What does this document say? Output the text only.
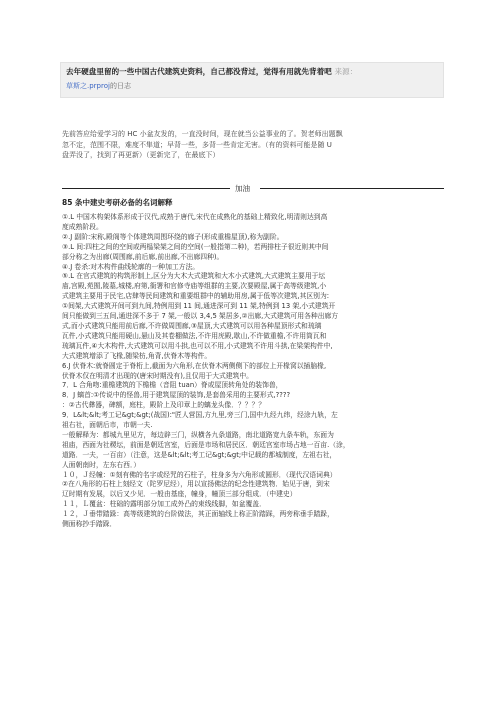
去年硬盘里留的一些中国古代建筑史资料，自己都没背过，觉得有用就先背着吧 来源：
草斯之.prproj的日志

先前答应给爱学习的 HC 小盆友发的，一直没时间，现在就当公益事业的了。贺老师出题飘

忽不定，范围不限，难度不隼道；早背一些，多背一些肯定无害。（有的资料可能是随 U

盘弄没了，找到了再更新）（更新完了，在最底下）

加油
85 条中建史考研必备的名词解释

①.L 中国木构架体系形成于汉代,成熟于唐代,宋代在成熟化的基础上精致化,明清则达到高

度成熟阶段。

②.J 副阶:宋称,殿阁等个体建筑周围环绕的廊子(形成重檐屋顶),称为副阶。

③.L 间:四柱之间的空间或两榀梁架之间的空间(一般指第二种)，若两排柱子很近则其中间

部分称之为出廊(周围廊,前后廊,前出廊,不出廊四种)。

④.J 卷杀:对木构件曲线轮廓的一种加工方法。

⑤.L 在官式建筑的构筑形制上,区分为大木大式建筑和大木小式建筑,大式建筑主要用于坛

庙,宫殿,苑囿,陵墓,城楼,府第,衙署和官修寺庙等组群的主要,次要殿屋,属于高等级建筑,小

式建筑主要用于民宅,店肆等民间建筑和重要组群中的辅助用房,属于低等次建筑,其区别为:

①间架,大式建筑开间可到九间,特例用到 11 间,通进深可到 11 架,特例到 13 架,小式建筑开

间只能做到三五间,通进深不多于 7 架,一般以 3,4,5 架居多,②出廊,大式建筑可用各种出廊方

式,而小式建筑只能用前后廊,不许做周围廊,③屋顶,大式建筑可以用各种屋顶形式和琉璃

瓦件,小式建筑只能用硬山,悬山及其卷棚做法,不许用庑殿,歇山,不许做重檐,不许用筒瓦和

琉璃瓦件,④大木构件,大式建筑可以用斗拱,也可以不用,小式建筑不许用斗拱,在梁架构件中,

大式建筑增添了飞椽,随梁枋,角背,伏脊木等构件。

6.J 伏脊木:就脊圆定于脊桁上,截面为六角形,在伏脊木两侧侧下的部位上开椽窝以插脑椽,

伏脊木仅在明清才出现的(唐宋时期没有),且仅用于大式建筑中。

7．L 合角吻:重檐建筑的下檐檐（音阻 tuan）脊或屋顶转角处的装饰兽，

8．J 螭首:①传说中的怪兽,用于建筑屋顶的装饰,是套兽采用的主要形式,????

：②古代彝器，碑额，庭柱，殿阶上及印章上的螭龙头像．？？？？

9．L&lt;&lt;考工记&gt;&gt;(战国):"匠人营国,方九里,旁三门,国中九经九纬，经涂九轨，左

祖右社，面朝后市，市朝一夫.

一般解释为：都城九里见方，每边辟三门，纵横各九条道路，南北道路宽九条车轨，东面为

祖庙，西面为社稷坛，前面是朝廷宫室，后面是市场和居民区．朝廷宫室市场占地一百亩.（涂，

道路．一夫，一百亩）（注意，这是&lt;&lt;考工记&gt;&gt;中记载的都城制度，左祖右社，

人面朝南时，左东右西．）

１０，Ｊ经幢：①刻有佛的名字或经咒的石柱子，柱身多为六角形或圆形．（现代汉语词典）

②在八角形的石柱上刻经文（陀罗尼经），用以宣扬佛法的纪念性建筑物．始见于唐，到宋

辽时期有发展，以后又少见．一般由基座，幢身，幢顶三部分组成．（中建史）

１１，Ｌ覆盆：柱础的露明部分加工成外凸的束线线脚，如盆覆盖．

１２，Ｊ垂带踏跺：高等级建筑的台阶做法，其正面轴线上称正阶踏踩，两旁称垂手踏跺，

侧面称抄手踏跺．
